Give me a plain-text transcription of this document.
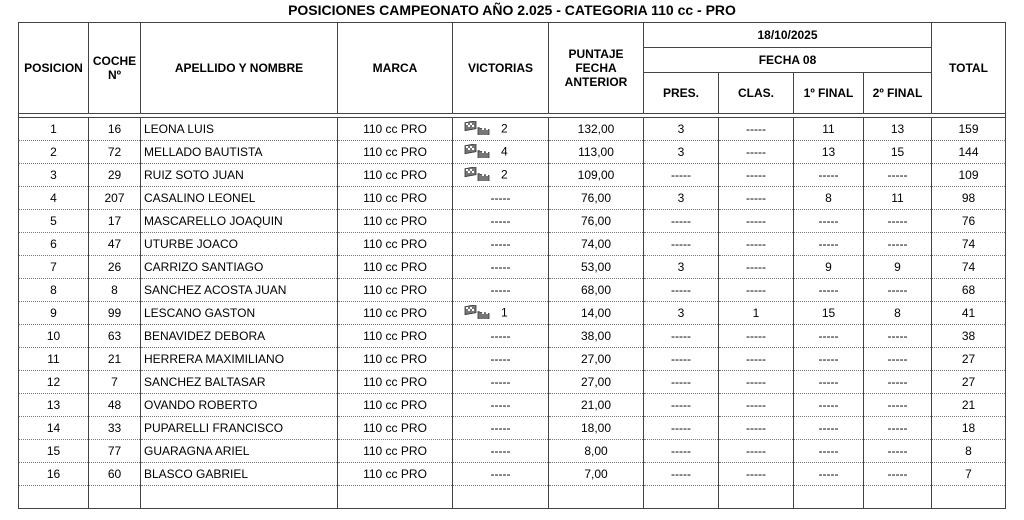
POSICIONES CAMPEONATO AÑO 2.025 - CATEGORIA 110 cc - PRO
POSICION	COCHE Nº	APELLIDO Y NOMBRE	MARCA	VICTORIAS	PUNTAJE FECHA ANTERIOR	18/10/2025				TOTAL
						FECHA 08				
						PRES.	CLAS.	1º FINAL	2º FINAL	

1	16	LEONA LUIS	110 cc PRO	2	132,00	3	-----	11	13	159
2	72	MELLADO BAUTISTA	110 cc PRO	4	113,00	3	-----	13	15	144
3	29	RUIZ SOTO JUAN	110 cc PRO	2	109,00	-----	-----	-----	-----	109
4	207	CASALINO LEONEL	110 cc PRO	-----	76,00	3	-----	8	11	98
5	17	MASCARELLO JOAQUIN	110 cc PRO	-----	76,00	-----	-----	-----	-----	76
6	47	UTURBE JOACO	110 cc PRO	-----	74,00	-----	-----	-----	-----	74
7	26	CARRIZO SANTIAGO	110 cc PRO	-----	53,00	3	-----	9	9	74
8	8	SANCHEZ ACOSTA JUAN	110 cc PRO	-----	68,00	-----	-----	-----	-----	68
9	99	LESCANO GASTON	110 cc PRO	1	14,00	3	1	15	8	41
10	63	BENAVIDEZ DEBORA	110 cc PRO	-----	38,00	-----	-----	-----	-----	38
11	21	HERRERA MAXIMILIANO	110 cc PRO	-----	27,00	-----	-----	-----	-----	27
12	7	SANCHEZ BALTASAR	110 cc PRO	-----	27,00	-----	-----	-----	-----	27
13	48	OVANDO ROBERTO	110 cc PRO	-----	21,00	-----	-----	-----	-----	21
14	33	PUPARELLI FRANCISCO	110 cc PRO	-----	18,00	-----	-----	-----	-----	18
15	77	GUARAGNA ARIEL	110 cc PRO	-----	8,00	-----	-----	-----	-----	8
16	60	BLASCO GABRIEL	110 cc PRO	-----	7,00	-----	-----	-----	-----	7
